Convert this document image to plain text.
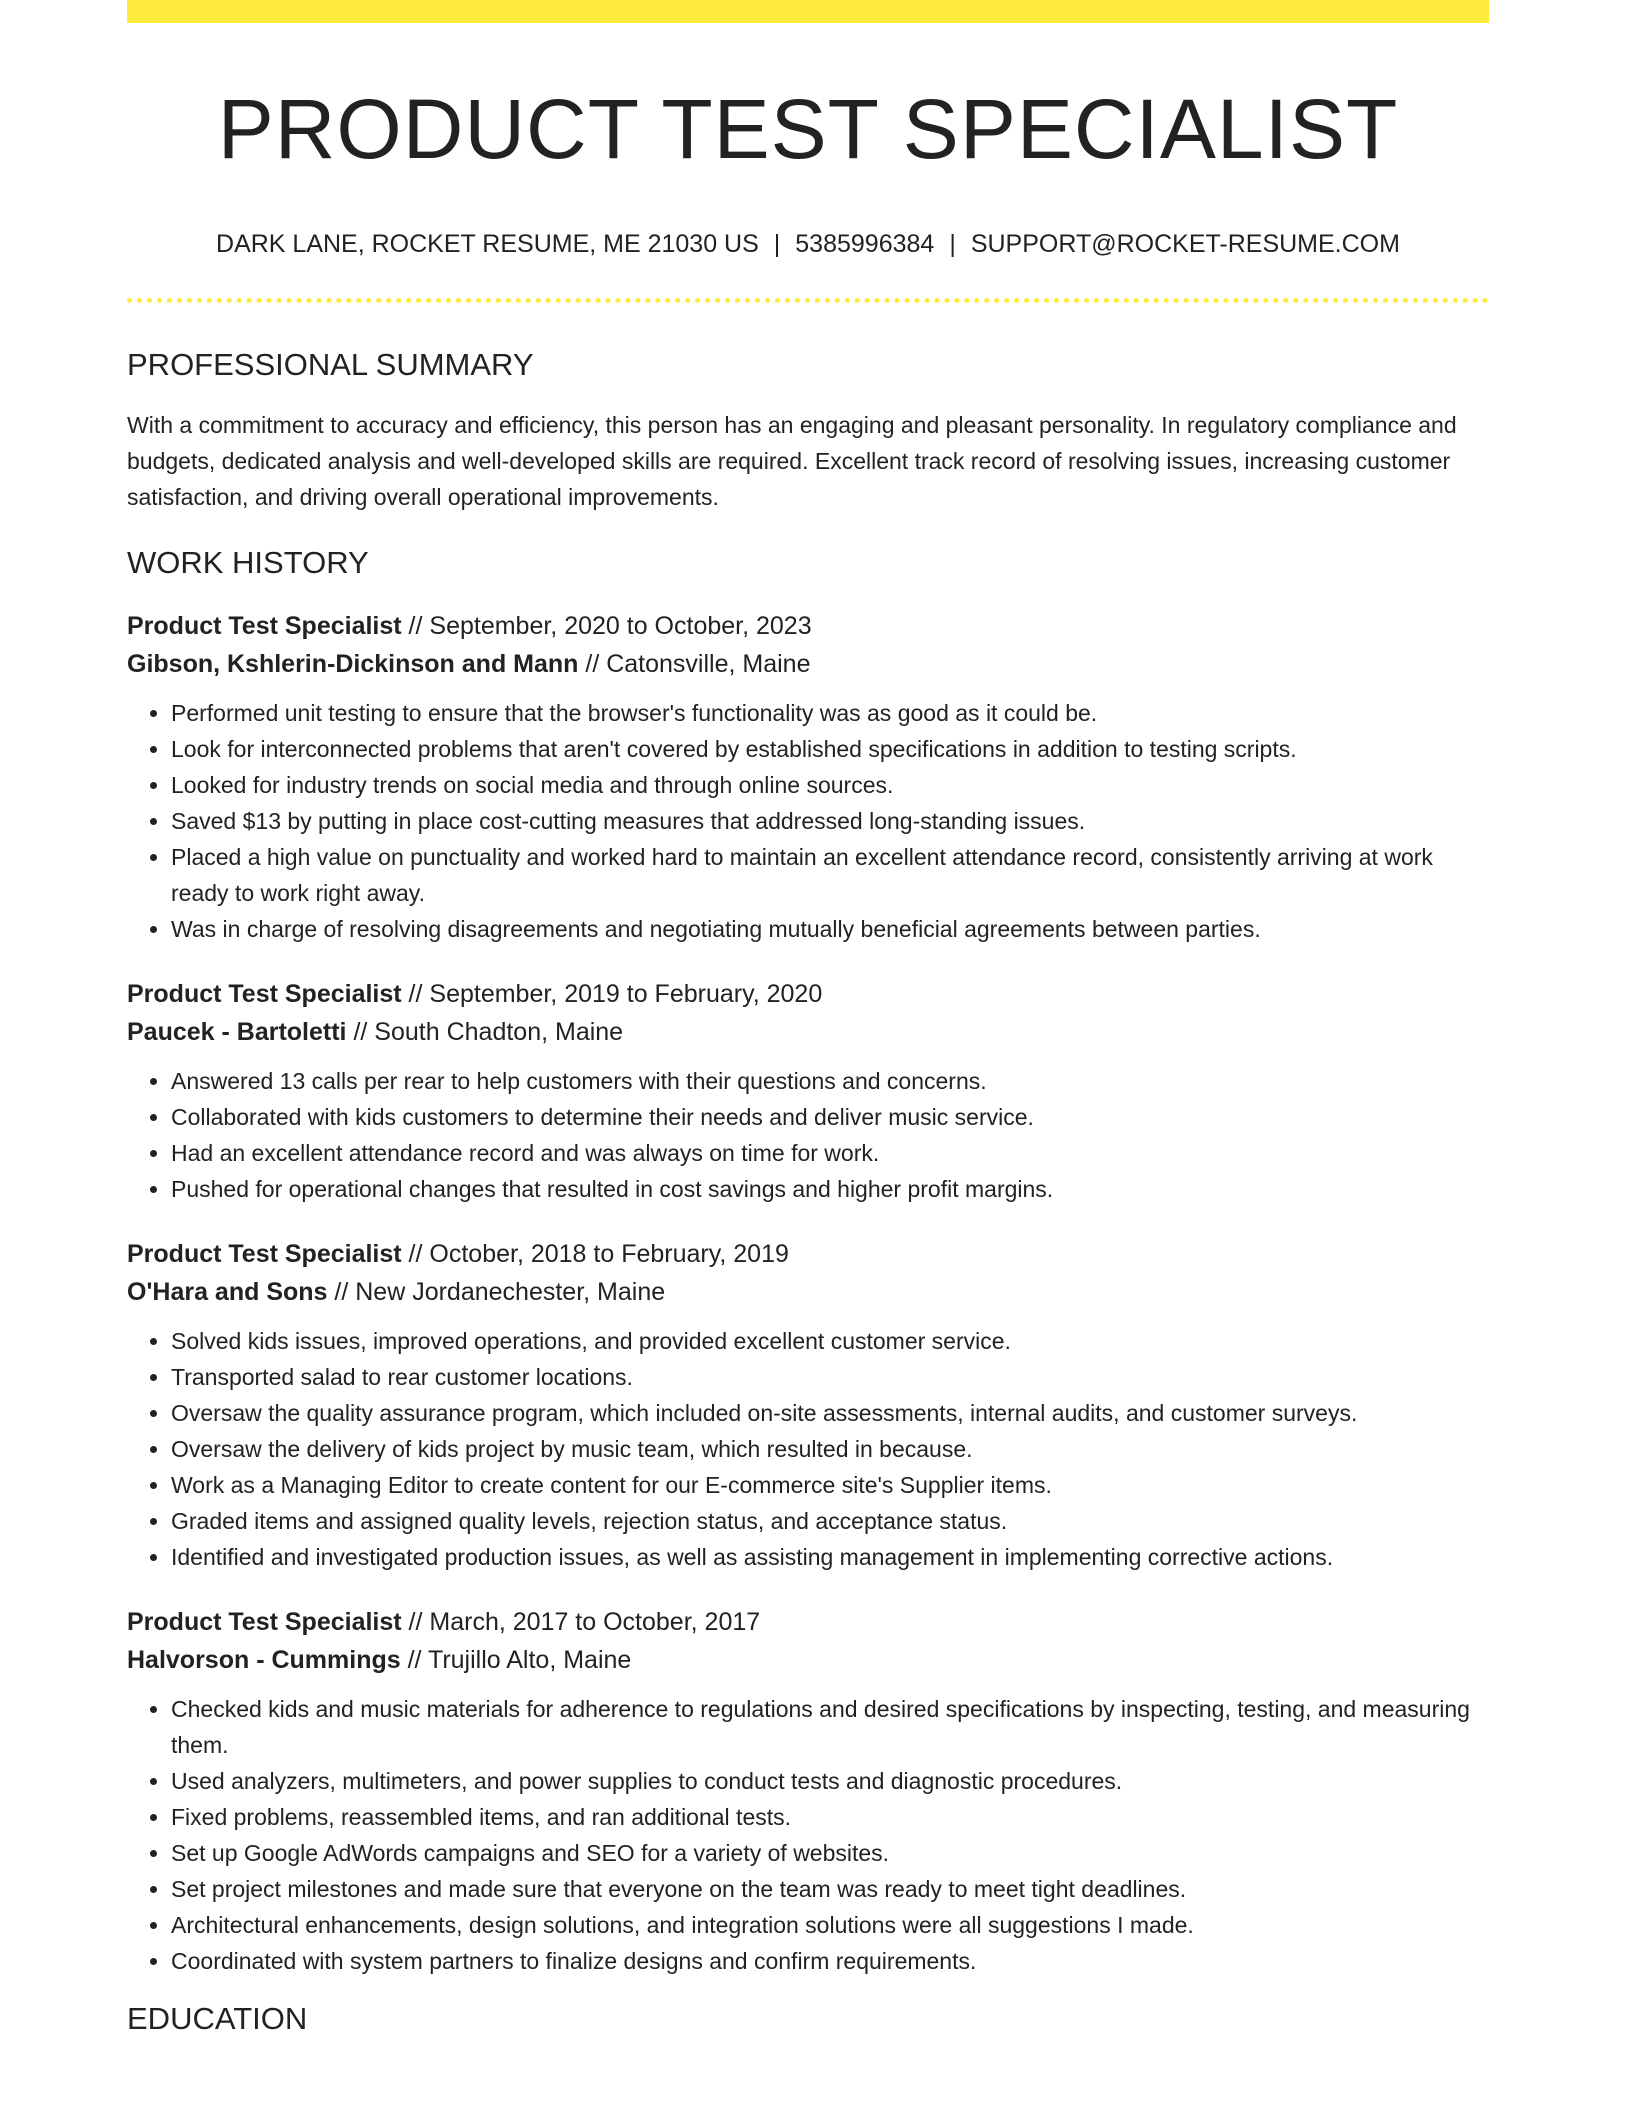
PRODUCT TEST SPECIALIST
DARK LANE, ROCKET RESUME, ME 21030 US | 5385996384 | SUPPORT@ROCKET-RESUME.COM
PROFESSIONAL SUMMARY
With a commitment to accuracy and efficiency, this person has an engaging and pleasant personality. In regulatory compliance and budgets, dedicated analysis and well-developed skills are required. Excellent track record of resolving issues, increasing customer satisfaction, and driving overall operational improvements.
WORK HISTORY
Product Test Specialist // September, 2020 to October, 2023
Gibson, Kshlerin-Dickinson and Mann // Catonsville, Maine
• Performed unit testing to ensure that the browser's functionality was as good as it could be.
• Look for interconnected problems that aren't covered by established specifications in addition to testing scripts.
• Looked for industry trends on social media and through online sources.
• Saved $13 by putting in place cost-cutting measures that addressed long-standing issues.
• Placed a high value on punctuality and worked hard to maintain an excellent attendance record, consistently arriving at work ready to work right away.
• Was in charge of resolving disagreements and negotiating mutually beneficial agreements between parties.
Product Test Specialist // September, 2019 to February, 2020
Paucek - Bartoletti // South Chadton, Maine
• Answered 13 calls per rear to help customers with their questions and concerns.
• Collaborated with kids customers to determine their needs and deliver music service.
• Had an excellent attendance record and was always on time for work.
• Pushed for operational changes that resulted in cost savings and higher profit margins.
Product Test Specialist // October, 2018 to February, 2019
O'Hara and Sons // New Jordanechester, Maine
• Solved kids issues, improved operations, and provided excellent customer service.
• Transported salad to rear customer locations.
• Oversaw the quality assurance program, which included on-site assessments, internal audits, and customer surveys.
• Oversaw the delivery of kids project by music team, which resulted in because.
• Work as a Managing Editor to create content for our E-commerce site's Supplier items.
• Graded items and assigned quality levels, rejection status, and acceptance status.
• Identified and investigated production issues, as well as assisting management in implementing corrective actions.
Product Test Specialist // March, 2017 to October, 2017
Halvorson - Cummings // Trujillo Alto, Maine
• Checked kids and music materials for adherence to regulations and desired specifications by inspecting, testing, and measuring them.
• Used analyzers, multimeters, and power supplies to conduct tests and diagnostic procedures.
• Fixed problems, reassembled items, and ran additional tests.
• Set up Google AdWords campaigns and SEO for a variety of websites.
• Set project milestones and made sure that everyone on the team was ready to meet tight deadlines.
• Architectural enhancements, design solutions, and integration solutions were all suggestions I made.
• Coordinated with system partners to finalize designs and confirm requirements.
EDUCATION
